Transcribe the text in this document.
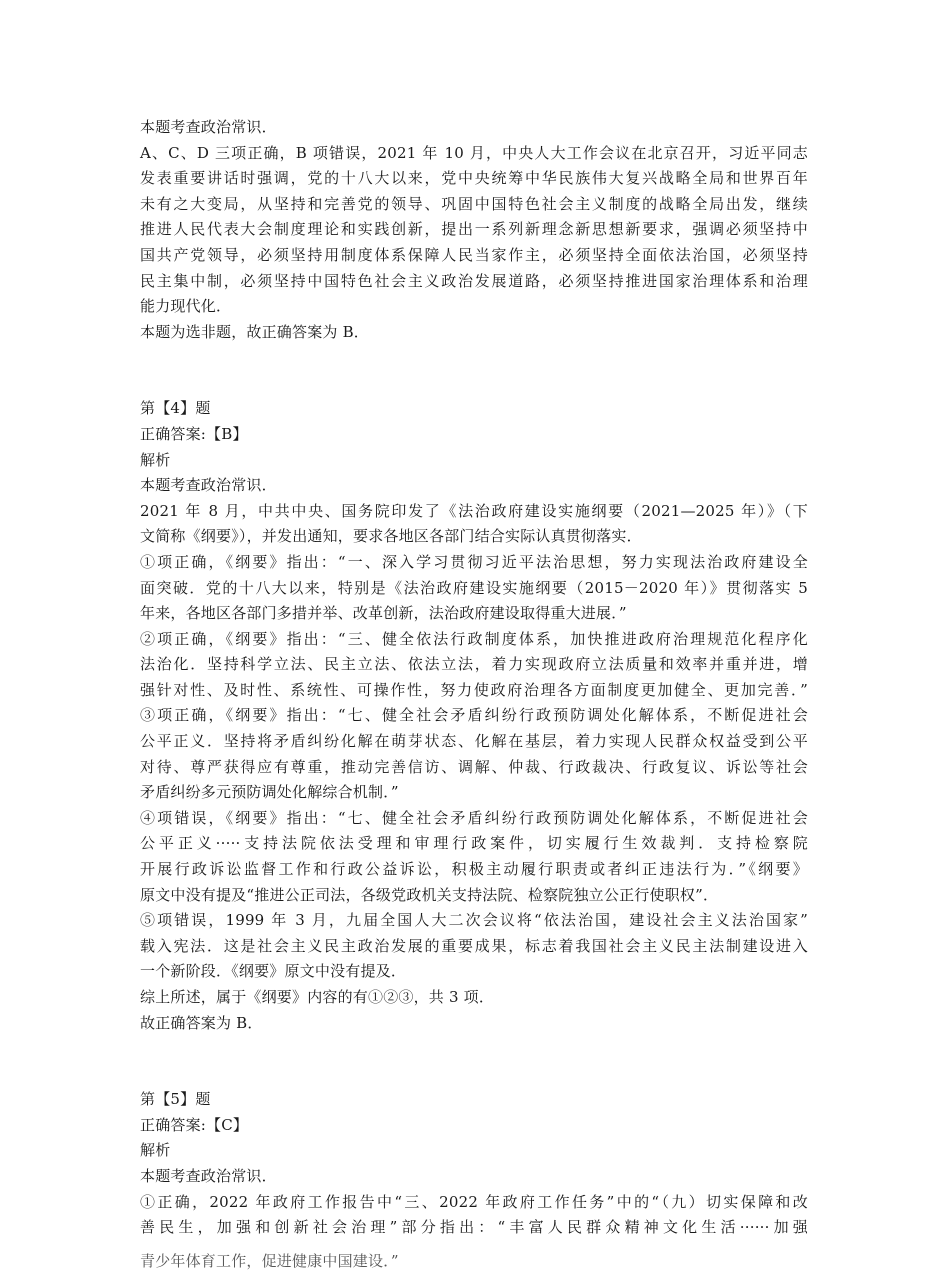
本题考查政治常识．
A、C、D 三项正确，B 项错误，2021 年 10 月，中央人大工作会议在北京召开，习近平同志
发表重要讲话时强调，党的十八大以来，党中央统筹中华民族伟大复兴战略全局和世界百年
未有之大变局，从坚持和完善党的领导、巩固中国特色社会主义制度的战略全局出发，继续
推进人民代表大会制度理论和实践创新，提出一系列新理念新思想新要求，强调必须坚持中
国共产党领导，必须坚持用制度体系保障人民当家作主，必须坚持全面依法治国，必须坚持
民主集中制，必须坚持中国特色社会主义政治发展道路，必须坚持推进国家治理体系和治理
能力现代化．
本题为选非题，故正确答案为 B．
第【4】题
正确答案:【B】
解析
本题考查政治常识．
2021 年 8 月，中共中央、国务院印发了《法治政府建设实施纲要（2021—2025 年）》（下
文简称《纲要》），并发出通知，要求各地区各部门结合实际认真贯彻落实．
①项正确，《纲要》指出：“一、深入学习贯彻习近平法治思想，努力实现法治政府建设全
面突破．党的十八大以来，特别是《法治政府建设实施纲要（2015－2020 年）》贯彻落实 5
年来，各地区各部门多措并举、改革创新，法治政府建设取得重大进展．”
②项正确，《纲要》指出：“三、健全依法行政制度体系，加快推进政府治理规范化程序化
法治化．坚持科学立法、民主立法、依法立法，着力实现政府立法质量和效率并重并进，增
强针对性、及时性、系统性、可操作性，努力使政府治理各方面制度更加健全、更加完善．”
③项正确，《纲要》指出：“七、健全社会矛盾纠纷行政预防调处化解体系，不断促进社会
公平正义．坚持将矛盾纠纷化解在萌芽状态、化解在基层，着力实现人民群众权益受到公平
对待、尊严获得应有尊重，推动完善信访、调解、仲裁、行政裁决、行政复议、诉讼等社会
矛盾纠纷多元预防调处化解综合机制．”
④项错误，《纲要》指出：“七、健全社会矛盾纠纷行政预防调处化解体系，不断促进社会
公平正义·····支持法院依法受理和审理行政案件，切实履行生效裁判．支持检察院
开展行政诉讼监督工作和行政公益诉讼，积极主动履行职责或者纠正违法行为．”《纲要》
原文中没有提及“推进公正司法，各级党政机关支持法院、检察院独立公正行使职权”．
⑤项错误，1999 年 3 月，九届全国人大二次会议将“依法治国，建设社会主义法治国家”
载入宪法．这是社会主义民主政治发展的重要成果，标志着我国社会主义民主法制建设进入
一个新阶段．《纲要》原文中没有提及．
综上所述，属于《纲要》内容的有①②③，共 3 项．
故正确答案为 B．
第【5】题
正确答案:【C】
解析
本题考查政治常识．
①正确，2022 年政府工作报告中“三、2022 年政府工作任务”中的“（九）切实保障和改
善民生，加强和创新社会治理”部分指出：“丰富人民群众精神文化生活······加强
青少年体育工作，促进健康中国建设．”
